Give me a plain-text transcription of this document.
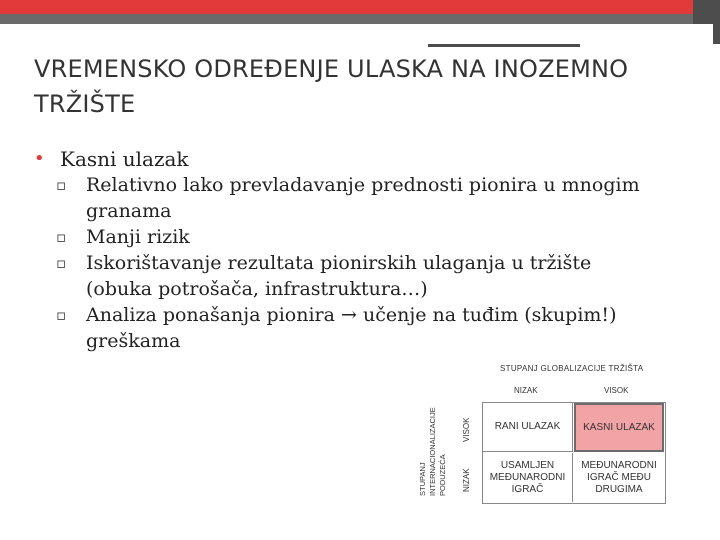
VREMENSKO ODREĐENJE ULASKA NA INOZEMNO TRŽIŠTE
• Kasni ulazak
▫ Relativno lako prevladavanje prednosti pionira u mnogim granama
▫ Manji rizik
▫ Iskorištavanje rezultata pionirskih ulaganja u tržište (obuka potrošača, infrastruktura…)
▫ Analiza ponašanja pionira → učenje na tuđim (skupim!) greškama
STUPANJ GLOBALIZACIJE TRŽIŠTA
NIZAK	VISOK
STUPANJ INTERNACIONALIZACIJE PODUZEĆA
VISOK
NIZAK
RANI ULAZAK KASNI ULAZAK
USAMLJEN MEĐUNARODNI IGRAČ
MEĐUNARODNI IGRAČ MEĐU DRUGIMA
